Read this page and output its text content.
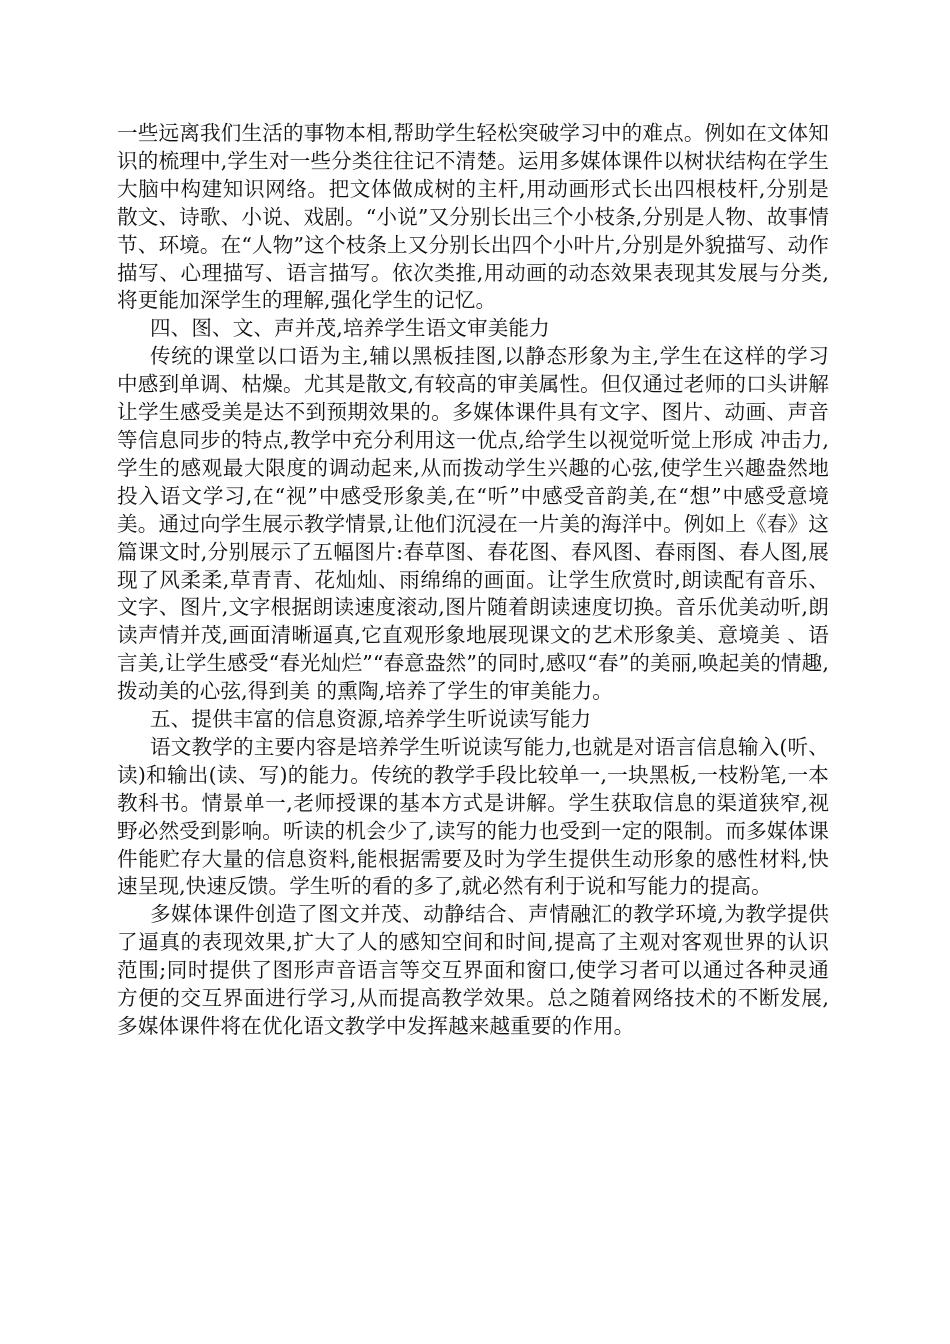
一些远离我们生活的事物本相,帮助学生轻松突破学习中的难点。例如在文体知识的梳理中,学生对一些分类往往记不清楚。运用多媒体课件以树状结构在学生大脑中构建知识网络。把文体做成树的主杆,用动画形式长出四根枝杆,分别是散文、诗歌、小说、戏剧。“小说”又分别长出三个小枝条,分别是人物、故事情节、环境。在“人物”这个枝条上又分别长出四个小叶片,分别是外貌描写、动作描写、心理描写、语言描写。依次类推,用动画的动态效果表现其发展与分类,将更能加深学生的理解,强化学生的记忆。

四、图、文、声并茂,培养学生语文审美能力

传统的课堂以口语为主,辅以黑板挂图,以静态形象为主,学生在这样的学习中感到单调、枯燥。尤其是散文,有较高的审美属性。但仅通过老师的口头讲解让学生感受美是达不到预期效果的。多媒体课件具有文字、图片、动画、声音等信息同步的特点,教学中充分利用这一优点,给学生以视觉听觉上形成 冲击力,学生的感观最大限度的调动起来,从而拨动学生兴趣的心弦,使学生兴趣盎然地投入语文学习,在“视”中感受形象美,在“听”中感受音韵美,在“想”中感受意境美。通过向学生展示教学情景,让他们沉浸在一片美的海洋中。例如上《春》这篇课文时,分别展示了五幅图片:春草图、春花图、春风图、春雨图、春人图,展现了风柔柔,草青青、花灿灿、雨绵绵的画面。让学生欣赏时,朗读配有音乐、文字、图片,文字根据朗读速度滚动,图片随着朗读速度切换。音乐优美动听,朗读声情并茂,画面清晰逼真,它直观形象地展现课文的艺术形象美、意境美 、语言美,让学生感受“春光灿烂”“春意盎然”的同时,感叹“春”的美丽,唤起美的情趣,拨动美的心弦,得到美 的熏陶,培养了学生的审美能力。

五、提供丰富的信息资源,培养学生听说读写能力

语文教学的主要内容是培养学生听说读写能力,也就是对语言信息输入(听、读)和输出(读、写)的能力。传统的教学手段比较单一,一块黑板,一枝粉笔,一本教科书。情景单一,老师授课的基本方式是讲解。学生获取信息的渠道狭窄,视野必然受到影响。听读的机会少了,读写的能力也受到一定的限制。而多媒体课件能贮存大量的信息资料,能根据需要及时为学生提供生动形象的感性材料,快速呈现,快速反馈。学生听的看的多了,就必然有利于说和写能力的提高。

多媒体课件创造了图文并茂、动静结合、声情融汇的教学环境,为教学提供了逼真的表现效果,扩大了人的感知空间和时间,提高了主观对客观世界的认识范围;同时提供了图形声音语言等交互界面和窗口,使学习者可以通过各种灵通方便的交互界面进行学习,从而提高教学效果。总之随着网络技术的不断发展,多媒体课件将在优化语文教学中发挥越来越重要的作用。
